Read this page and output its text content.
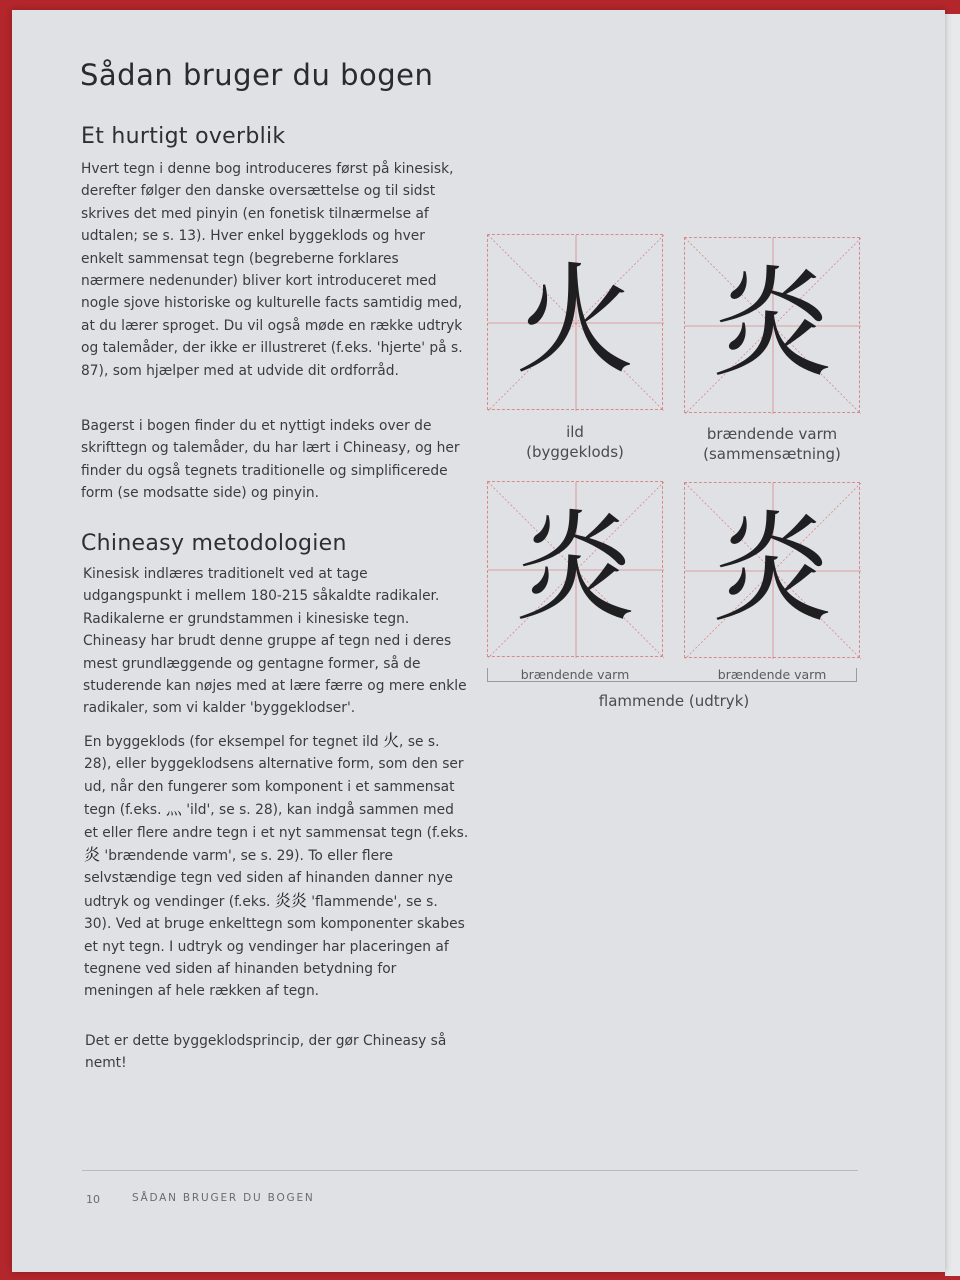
Sådan bruger du bogen
Et hurtigt overblik

Hvert tegn i denne bog introduceres først på kinesisk, derefter følger den danske oversættelse og til sidst skrives det med pinyin (en fonetisk tilnærmelse af udtalen; se s. 13). Hver enkel byggeklods og hver enkelt sammensat tegn (begreberne forklares nærmere nedenunder) bliver kort introduceret med nogle sjove historiske og kulturelle facts samtidig med, at du lærer sproget. Du vil også møde en række udtryk og talemåder, der ikke er illustreret (f.eks. 'hjerte' på s. 87), som hjælper med at udvide dit ordforråd.

Bagerst i bogen finder du et nyttigt indeks over de skrifttegn og talemåder, du har lært i Chineasy, og her finder du også tegnets traditionelle og simplificerede form (se modsatte side) og pinyin.

Chineasy metodologien

Kinesisk indlæres traditionelt ved at tage udgangspunkt i mellem 180-215 såkaldte radikaler. Radikalerne er grundstammen i kinesiske tegn. Chineasy har brudt denne gruppe af tegn ned i deres mest grundlæggende og gentagne former, så de studerende kan nøjes med at lære færre og mere enkle radikaler, som vi kalder 'byggeklodser'.

En byggeklods (for eksempel for tegnet ild 火, se s. 28), eller byggeklodsens alternative form, som den ser ud, når den fungerer som komponent i et sammensat tegn (f.eks. 灬 'ild', se s. 28), kan indgå sammen med et eller flere andre tegn i et nyt sammensat tegn (f.eks. 炎 'brændende varm', se s. 29). To eller flere selvstændige tegn ved siden af hinanden danner nye udtryk og vendinger (f.eks. 炎炎 'flammende', se s. 30). Ved at bruge enkelttegn som komponenter skabes et nyt tegn. I udtryk og vendinger har placeringen af tegnene ved siden af hinanden betydning for meningen af hele rækken af tegn.

Det er dette byggeklodsprincip, der gør Chineasy så nemt!

火
ild
(byggeklods)
炎
brændende varm
(sammensætning)
炎
brændende varm
炎
brændende varm
flammende (udtryk)
10	SÅDAN BRUGER DU BOGEN
